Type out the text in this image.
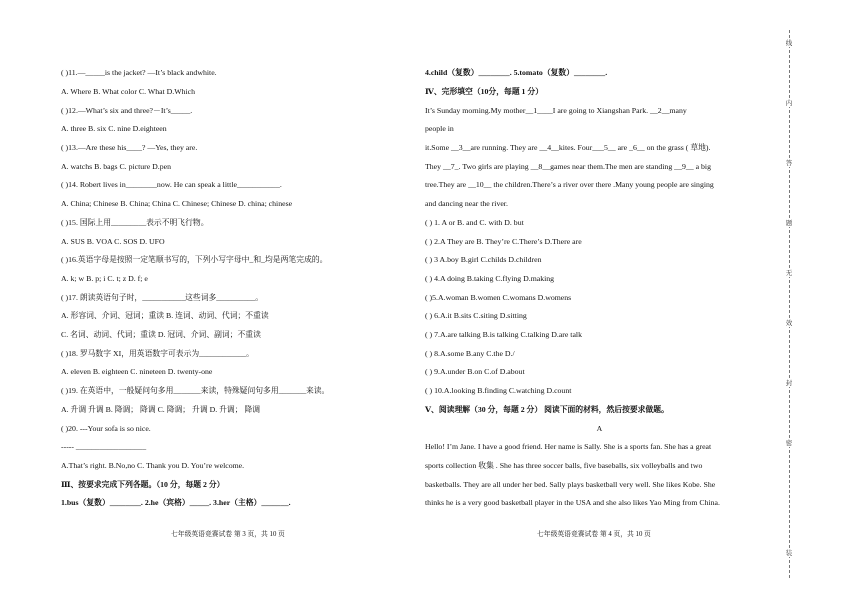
( )11.—_____is the jacket? —It’s black andwhite.
A. Where B. What color C. What D.Which
( )12.—What’s six and three?－It’s_____.
A. three B. six C. nine D.eighteen
( )13.—Are these his____? —Yes, they are.
A. watchs B. bags C. picture D.pen
( )14. Robert lives in________now. He can speak a little___________.
A. China; Chinese B. China; China C. Chinese; Chinese D. china; chinese
( )15. 国际上用_________表示不明飞行物。
A. SUS B. VOA C. SOS D. UFO
( )16.英语字母是按照一定笔顺书写的，下列小写字母中_和_均是两笔完成的。
A. k; w B. p; i C. t; z D. f; e
( )17. 朗读英语句子时，___________这些词多__________。
A. 形容词、介词、冠词；重读 B. 连词、动词、代词；不重读
C. 名词、动词、代词；重读 D. 冠词、介词、副词；不重读
( )18. 罗马数字 XI，用英语数字可表示为____________。
A. eleven B. eighteen C. nineteen D. twenty-one
( )19. 在英语中，一般疑问句多用_______来读，特殊疑问句多用_______来读。
A. 升调 升调 B. 降调； 降调 C. 降调； 升调 D. 升调； 降调
( )20. ---Your sofa is so nice.
----- __________________
A.That’s right. B.No,no C. Thank you D. You’re welcome.
Ⅲ、按要求完成下列各题。（10 分，每题 2 分）
1.bus（复数）________. 2.he（宾格）_____. 3.her（主格）_______.
七年级英语竞赛试卷 第 3 页，共 10 页
4.child（复数）________. 5.tomato（复数）________.
Ⅳ、完形填空（10分，每题 1 分）
It’s Sunday morning.My mother__1____I are going to Xiangshan Park. __2__many
people in
it.Some __3__are running. They are __4__kites. Four___5__ are _6__ on the grass ( 草地).
They __7_. Two girls are playing __8__games near them.The men are standing __9__ a big
tree.They are __10__ the children.There’s a river over there .Many young people are singing
and dancing near the river.
( ) 1. A or B. and C. with D. but
( ) 2.A They are B. They’re C.There’s D.There are
( ) 3 A.boy B.girl C.childs D.children
( ) 4.A doing B.taking C.flying D.making
( )5.A.woman B.women C.womans D.womens
( ) 6.A.it B.sits C.siting D.sitting
( ) 7.A.are talking B.is talking C.talking D.are talk
( ) 8.A.some B.any C.the D./
( ) 9.A.under B.on C.of D.about
( ) 10.A.looking B.finding C.watching D.count
Ⅴ、阅读理解（30 分，每题 2 分） 阅读下面的材料，然后按要求做题。
A
Hello! I’m Jane. I have a good friend. Her name is Sally. She is a sports fan. She has a great
sports collection 收集 . She has three soccer balls, five baseballs, six volleyballs and two
basketballs. They are all under her bed. Sally plays basketball very well. She likes Kobe. She
thinks he is a very good basketball player in the USA and she also likes Yao Ming from China.
七年级英语竞赛试卷 第 4 页，共 10 页
线
内
答
题
无
效
封
密
装
